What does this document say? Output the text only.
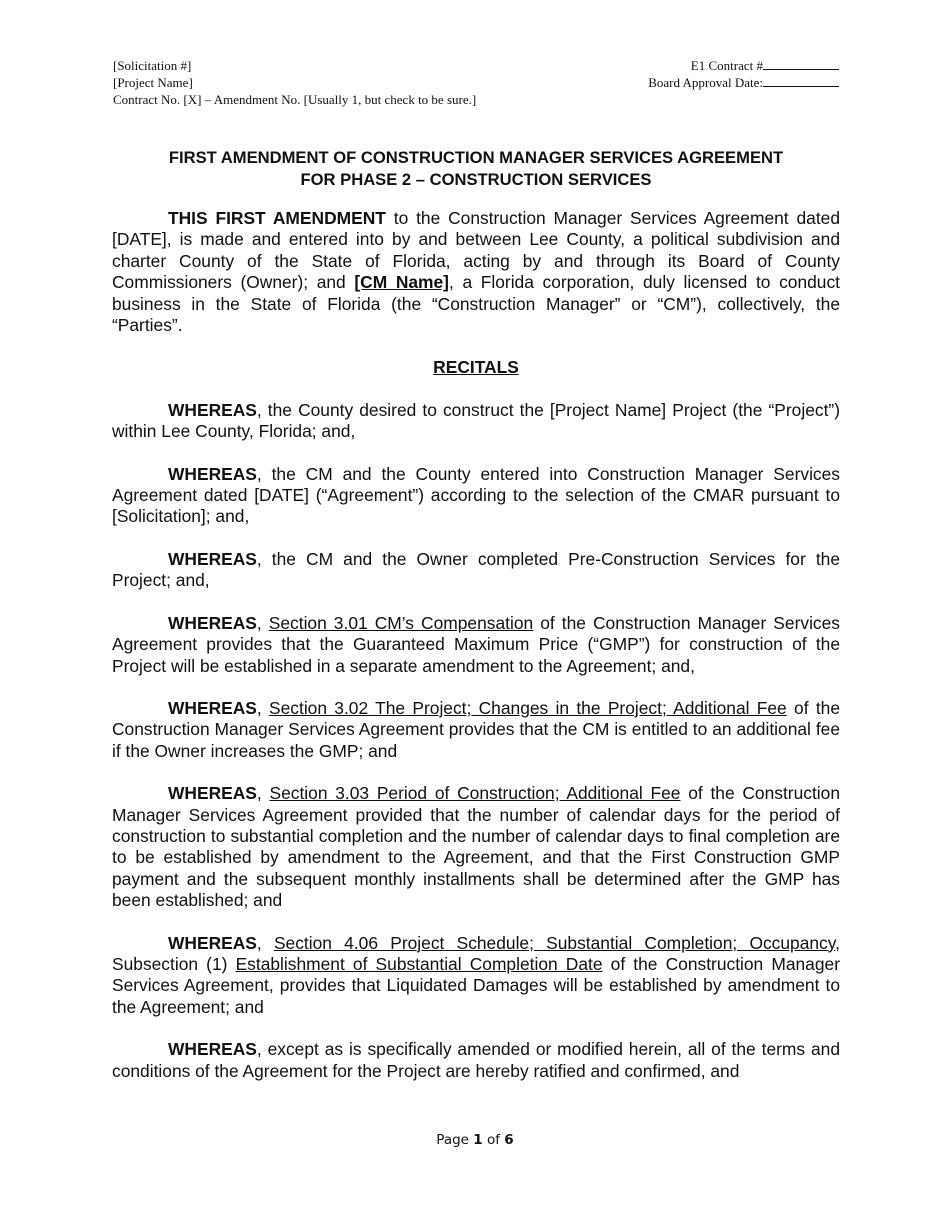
[Solicitation #]
[Project Name]
Contract No. [X] – Amendment No. [Usually 1, but check to be sure.]
E1 Contract #
Board Approval Date:
FIRST AMENDMENT OF CONSTRUCTION MANAGER SERVICES AGREEMENT
FOR PHASE 2 – CONSTRUCTION SERVICES

THIS FIRST AMENDMENT to the Construction Manager Services Agreement dated [DATE], is made and entered into by and between Lee County, a political subdivision and charter County of the State of Florida, acting by and through its Board of County Commissioners (Owner); and [CM Name], a Florida corporation, duly licensed to conduct business in the State of Florida (the “Construction Manager” or “CM”), collectively, the “Parties”.

RECITALS

WHEREAS, the County desired to construct the [Project Name] Project (the “Project”) within Lee County, Florida; and,

WHEREAS, the CM and the County entered into Construction Manager Services Agreement dated [DATE] (“Agreement”) according to the selection of the CMAR pursuant to [Solicitation]; and,

WHEREAS, the CM and the Owner completed Pre-Construction Services for the Project; and,

WHEREAS, Section 3.01 CM’s Compensation of the Construction Manager Services Agreement provides that the Guaranteed Maximum Price (“GMP”) for construction of the Project will be established in a separate amendment to the Agreement; and,

WHEREAS, Section 3.02 The Project; Changes in the Project; Additional Fee of the Construction Manager Services Agreement provides that the CM is entitled to an additional fee if the Owner increases the GMP; and

WHEREAS, Section 3.03 Period of Construction; Additional Fee of the Construction Manager Services Agreement provided that the number of calendar days for the period of construction to substantial completion and the number of calendar days to final completion are to be established by amendment to the Agreement, and that the First Construction GMP payment and the subsequent monthly installments shall be determined after the GMP has been established; and

WHEREAS, Section 4.06 Project Schedule; Substantial Completion; Occupancy, Subsection (1) Establishment of Substantial Completion Date of the Construction Manager Services Agreement, provides that Liquidated Damages will be established by amendment to the Agreement; and

WHEREAS, except as is specifically amended or modified herein, all of the terms and conditions of the Agreement for the Project are hereby ratified and confirmed, and

Page 1 of 6
